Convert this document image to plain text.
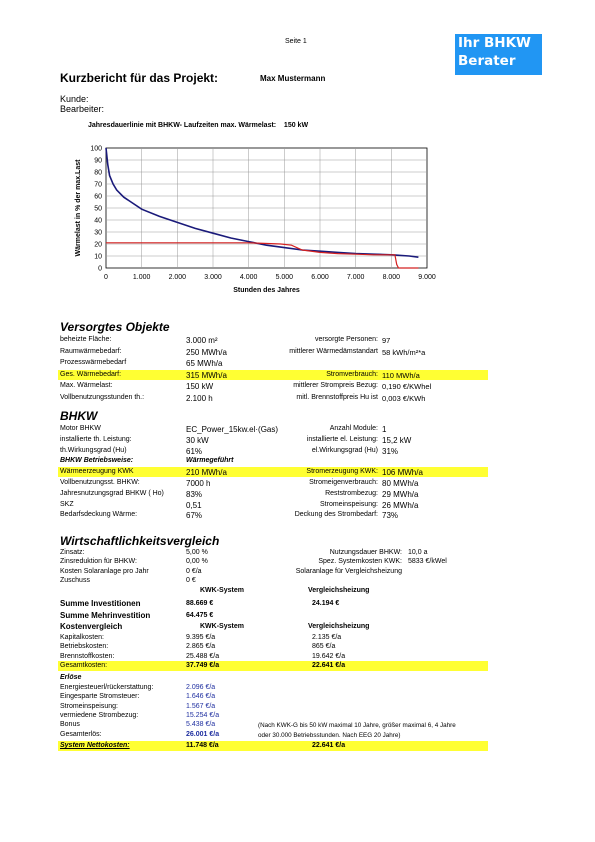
Seite 1	Ihr BHKW
Berater
Kurzbericht für das Projekt:	Max Mustermann
Kunde:
Bearbeiter:
Jahresdauerlinie mit BHKW- Laufzeiten max. Wärmelast: 150 kW
0
10
20
30
40
50
60
70
80
90
100
0	1.000	2.000	3.000	4.000	5.000	6.000	7.000	8.000	9.000
Stunden des Jahres
Wärmelast in % der max.Last
Versorgtes Objekte
beheizte Fläche:	3.000 m²	versorgte Personen: 97
Raumwärmebedarf:	250 MWh/a	mittlerer Wärmedämstandart 58 kWh/m²*a
Prozesswärmebedarf	65 MWh/a
Ges. Wärmebedarf:	315 MWh/a	Stromverbrauch: 110 MWh/a
Max. Wärmelast:	150 kW	mittlerer Strompreis Bezug: 0,190 €/KWhel
Vollbenutzungsstunden th.:	2.100 h	mitl. Brennstoffpreis Hu ist 0,003 €/KWh
BHKW
Motor BHKW	EC_Power_15kw.el·(Gas)	Anzahl Module: 1
installierte th. Leistung:	30 kW	installierte el. Leistung: 15,2 kW
th.Wirkungsgrad (Hu)	61%	el.Wirkungsgrad (Hu) 31%
BHKW Betriebsweise:	Wärmegeführt
Wärmeerzeugung KWK	210 MWh/a	Stromerzeugung KWK: 106 MWh/a
Vollbenutzungsst. BHKW:	7000 h	Stromeigenverbrauch: 80 MWh/a
Jahresnutzungsgrad BHKW ( Ho)	83%	Reststrombezug: 29 MWh/a
SKZ	0,51	Stromeinspeisung: 26 MWh/a
Bedarfsdeckung Wärme:	67%	Deckung des Strombedarf: 73%
Wirtschaftlichkeitsvergleich
Zinsatz:	5,00 %	Nutzungsdauer BHKW: 10,0 a
Zinsreduktion für BHKW:	0,00 %	Spez. Systemkosten KWK: 5833 €/kWel
Kosten Solaranlage pro Jahr	0 €/a	Solaranlage für Vergleichsheizung
Zuschuss	0 €
KWK-System	Vergleichsheizung
Summe Investitionen	88.669 €	24.194 €
Summe Mehrinvestition	64.475 €
Kostenvergleich	KWK-System	Vergleichsheizung
Kapitalkosten:	9.395 €/a	2.135 €/a
Betriebskosten:	2.865 €/a	865 €/a
Brennstoffkosten:	25.488 €/a	19.642 €/a
Gesamtkosten:	37.749 €/a	22.641 €/a
Erlöse
Energiesteuerl/rückerstattung:	2.096 €/a
Eingesparte Stromsteuer:	1.646 €/a
Stromeinspeisung:	1.567 €/a
vermiedene Strombezug:	15.254 €/a
Bonus	5.438 €/a
Gesamterlös:	26.001 €/a
(Nach KWK-G bis 50 kW maximal 10 Jahre, größer maximal 6, 4 Jahre
oder 30.000 Betriebsstunden. Nach EEG 20 Jahre)
System Nettokosten:	11.748 €/a	22.641 €/a
